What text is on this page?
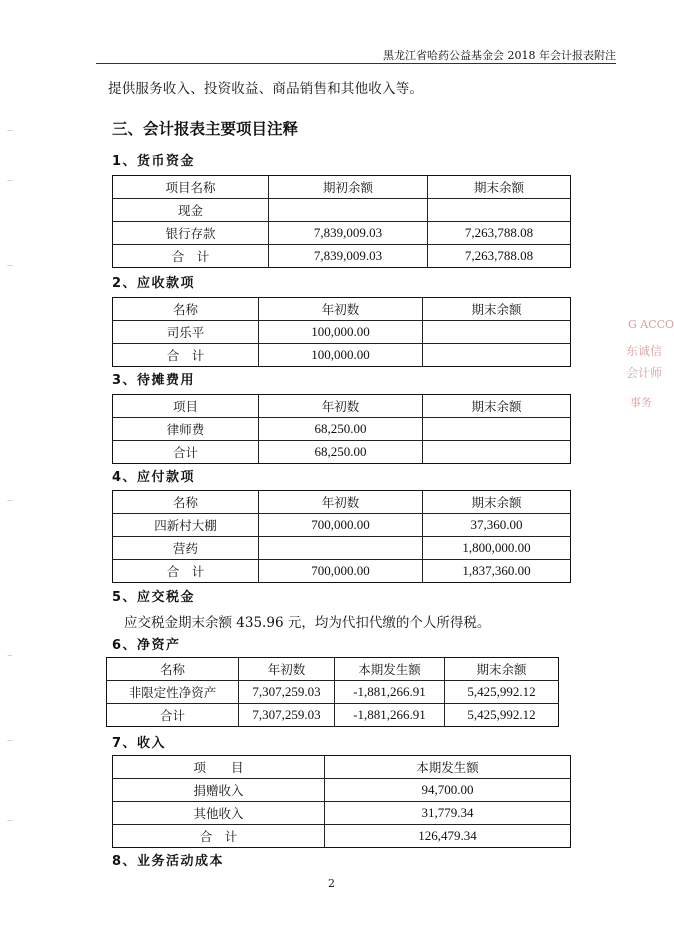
黑龙江省哈药公益基金会 2018 年会计报表附注
提供服务收入、投资收益、商品销售和其他收入等。
三、会计报表主要项目注释
1、货币资金
项目名称	期初余额	期末余额
现金		
银行存款	7,839,009.03	7,263,788.08
合　计	7,839,009.03	7,263,788.08
2、应收款项
名称	年初数	期末余额
司乐平	100,000.00	
合　计	100,000.00	
3、待摊费用
项目	年初数	期末余额
律师费	68,250.00	
合计	68,250.00	
4、应付款项
名称	年初数	期末余额
四新村大棚	700,000.00	37,360.00
营药		1,800,000.00
合　计	700,000.00	1,837,360.00
5、应交税金
应交税金期末余额 435.96 元，均为代扣代缴的个人所得税。
6、净资产
名称	年初数	本期发生额	期末余额
非限定性净资产	7,307,259.03	-1,881,266.91	5,425,992.12
合计	7,307,259.03	-1,881,266.91	5,425,992.12
7、收入
项　　目	本期发生额
捐赠收入	94,700.00
其他收入	31,779.34
合　计	126,479.34
8、业务活动成本
2
G ACCO
东诚信
会计师
事务
